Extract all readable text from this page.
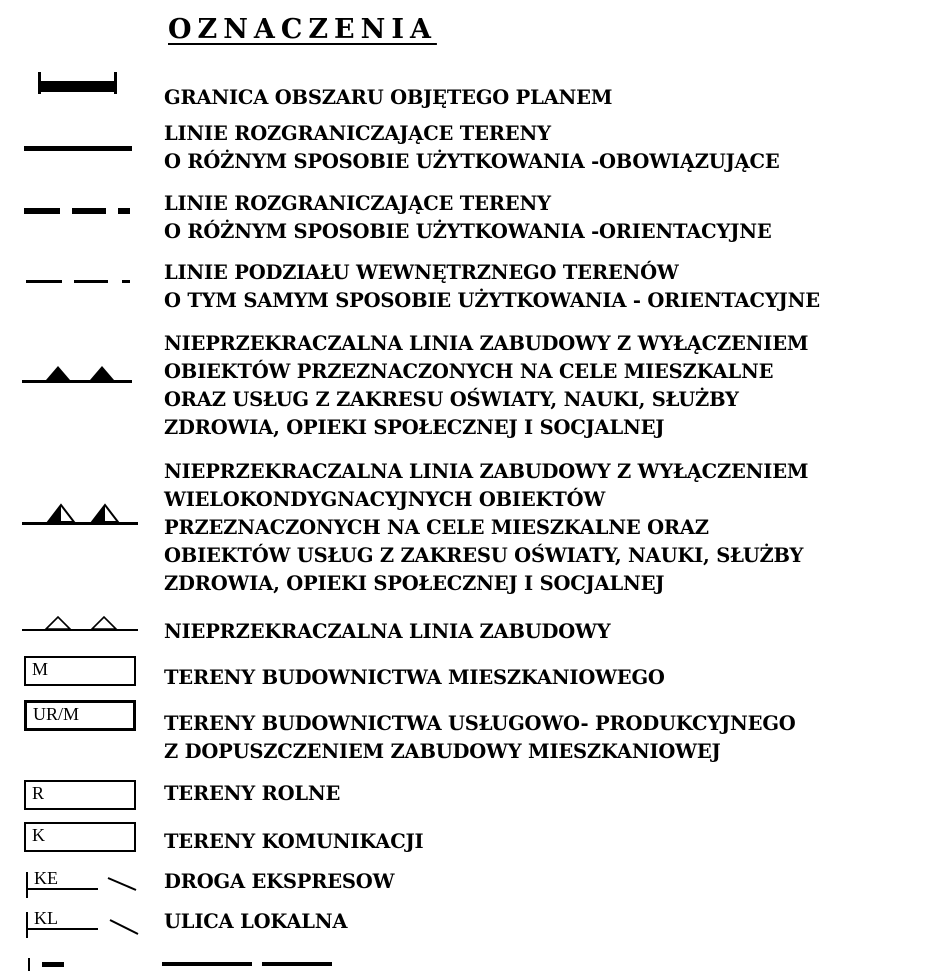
OZNACZENIA
GRANICA OBSZARU OBJĘTEGO PLANEM
LINIE ROZGRANICZAJĄCE TERENY
O RÓŻNYM SPOSOBIE UŻYTKOWANIA -OBOWIĄZUJĄCE
LINIE ROZGRANICZAJĄCE TERENY
O RÓŻNYM SPOSOBIE UŻYTKOWANIA -ORIENTACYJNE
LINIE PODZIAŁU WEWNĘTRZNEGO TERENÓW
O TYM SAMYM SPOSOBIE UŻYTKOWANIA - ORIENTACYJNE
NIEPRZEKRACZALNA LINIA ZABUDOWY Z WYŁĄCZENIEM
OBIEKTÓW PRZEZNACZONYCH NA CELE MIESZKALNE
ORAZ USŁUG Z ZAKRESU OŚWIATY, NAUKI, SŁUŻBY
ZDROWIA, OPIEKI SPOŁECZNEJ I SOCJALNEJ
NIEPRZEKRACZALNA LINIA ZABUDOWY Z WYŁĄCZENIEM
WIELOKONDYGNACYJNYCH OBIEKTÓW
PRZEZNACZONYCH NA CELE MIESZKALNE ORAZ
OBIEKTÓW USŁUG Z ZAKRESU OŚWIATY, NAUKI, SŁUŻBY
ZDROWIA, OPIEKI SPOŁECZNEJ I SOCJALNEJ
NIEPRZEKRACZALNA LINIA ZABUDOWY
M	TERENY BUDOWNICTWA MIESZKANIOWEGO
UR/M	TERENY BUDOWNICTWA USŁUGOWO- PRODUKCYJNEGO
Z DOPUSZCZENIEM ZABUDOWY MIESZKANIOWEJ
R	TERENY ROLNE
K	TERENY KOMUNIKACJI
KE	DROGA EKSPRESOW
KL	ULICA LOKALNA
